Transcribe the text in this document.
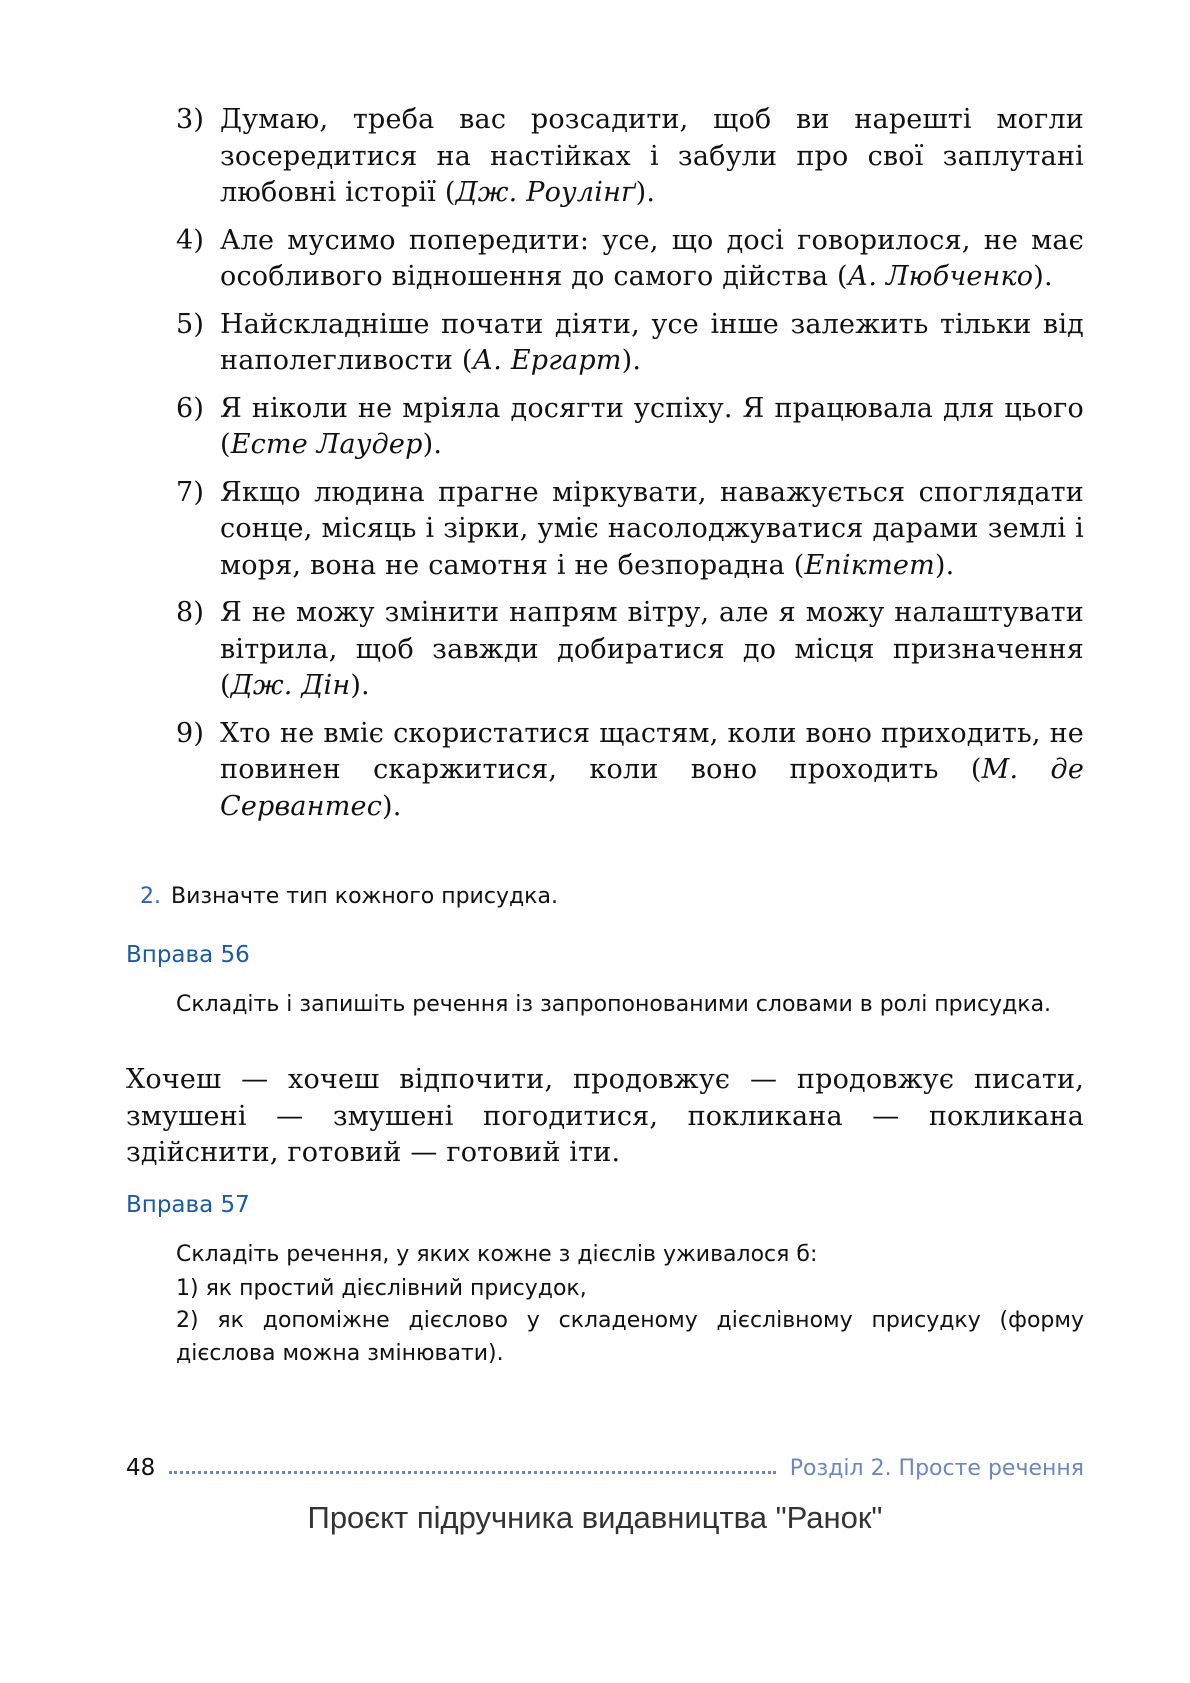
3) Думаю, треба вас розсадити, щоб ви нарешті могли зосередитися на настійках і забули про свої заплутані любовні історії (Дж. Роулінґ).
4) Але мусимо попередити: усе, що досі говорилося, не має особливого відношення до самого дійства (А. Любченко).
5) Найскладніше почати діяти, усе інше залежить тільки від наполегливости (А. Ергарт).
6) Я ніколи не мріяла досягти успіху. Я працювала для цього (Есте Лаудер).
7) Якщо людина прагне міркувати, наважується споглядати сонце, місяць і зірки, уміє насолоджуватися дарами землі і моря, вона не самотня і не безпорадна (Епіктет).
8) Я не можу змінити напрям вітру, але я можу налаштувати вітрила, щоб завжди добиратися до місця призначення (Дж. Дін).
9) Хто не вміє скористатися щастям, коли воно приходить, не повинен скаржитися, коли воно проходить (М. де Сервантес).
2. Визначте тип кожного присудка.
Вправа 56

Складіть і запишіть речення із запропонованими словами в ролі присудка.

Хочеш — хочеш відпочити, продовжує — продовжує писати, змушені — змушені погодитися, покликана — покликана здійснити, готовий — готовий іти.

Вправа 57

Складіть речення, у яких кожне з дієслів уживалося б:

1) як простий дієслівний присудок,

2) як допоміжне дієслово у складеному дієслівному присудку (форму дієслова можна змінювати).

48	Розділ 2. Просте речення
Проєкт підручника видавництва "Ранок"
